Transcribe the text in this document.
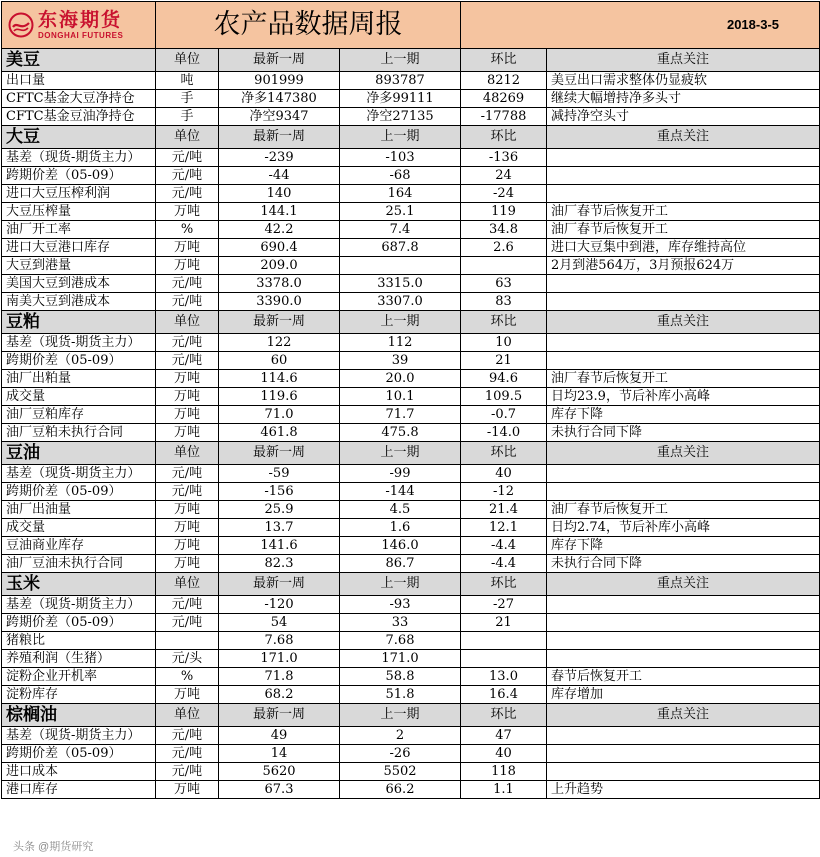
东海期货
DONGHAI FUTURES	农产品数据周报			2018-3-5	
美豆	单位	最新一周	上一期	环比	重点关注
出口量	吨	901999	893787	8212	美豆出口需求整体仍显疲软
CFTC基金大豆净持仓	手	净多147380	净多99111	48269	继续大幅增持净多头寸
CFTC基金豆油净持仓	手	净空9347	净空27135	-17788	减持净空头寸
大豆	单位	最新一周	上一期	环比	重点关注
基差（现货-期货主力）	元/吨	-239	-103	-136	
跨期价差（05-09）	元/吨	-44	-68	24	
进口大豆压榨利润	元/吨	140	164	-24	
大豆压榨量	万吨	144.1	25.1	119	油厂春节后恢复开工
油厂开工率	%	42.2	7.4	34.8	油厂春节后恢复开工
进口大豆港口库存	万吨	690.4	687.8	2.6	进口大豆集中到港，库存维持高位
大豆到港量	万吨	209.0			2月到港564万，3月预报624万
美国大豆到港成本	元/吨	3378.0	3315.0	63	
南美大豆到港成本	元/吨	3390.0	3307.0	83	
豆粕	单位	最新一周	上一期	环比	重点关注
基差（现货-期货主力）	元/吨	122	112	10	
跨期价差（05-09）	元/吨	60	39	21	
油厂出粕量	万吨	114.6	20.0	94.6	油厂春节后恢复开工
成交量	万吨	119.6	10.1	109.5	日均23.9，节后补库小高峰
油厂豆粕库存	万吨	71.0	71.7	-0.7	库存下降
油厂豆粕未执行合同	万吨	461.8	475.8	-14.0	未执行合同下降
豆油	单位	最新一周	上一期	环比	重点关注
基差（现货-期货主力）	元/吨	-59	-99	40	
跨期价差（05-09）	元/吨	-156	-144	-12	
油厂出油量	万吨	25.9	4.5	21.4	油厂春节后恢复开工
成交量	万吨	13.7	1.6	12.1	日均2.74，节后补库小高峰
豆油商业库存	万吨	141.6	146.0	-4.4	库存下降
油厂豆油未执行合同	万吨	82.3	86.7	-4.4	未执行合同下降
玉米	单位	最新一周	上一期	环比	重点关注
基差（现货-期货主力）	元/吨	-120	-93	-27	
跨期价差（05-09）	元/吨	54	33	21	
猪粮比		7.68	7.68		
养殖利润（生猪）	元/头	171.0	171.0		
淀粉企业开机率	%	71.8	58.8	13.0	春节后恢复开工
淀粉库存	万吨	68.2	51.8	16.4	库存增加
棕榈油	单位	最新一周	上一期	环比	重点关注
基差（现货-期货主力）	元/吨	49	2	47	
跨期价差（05-09）	元/吨	14	-26	40	
进口成本	元/吨	5620	5502	118	
港口库存	万吨	67.3	66.2	1.1	上升趋势
头条 @期货研究
